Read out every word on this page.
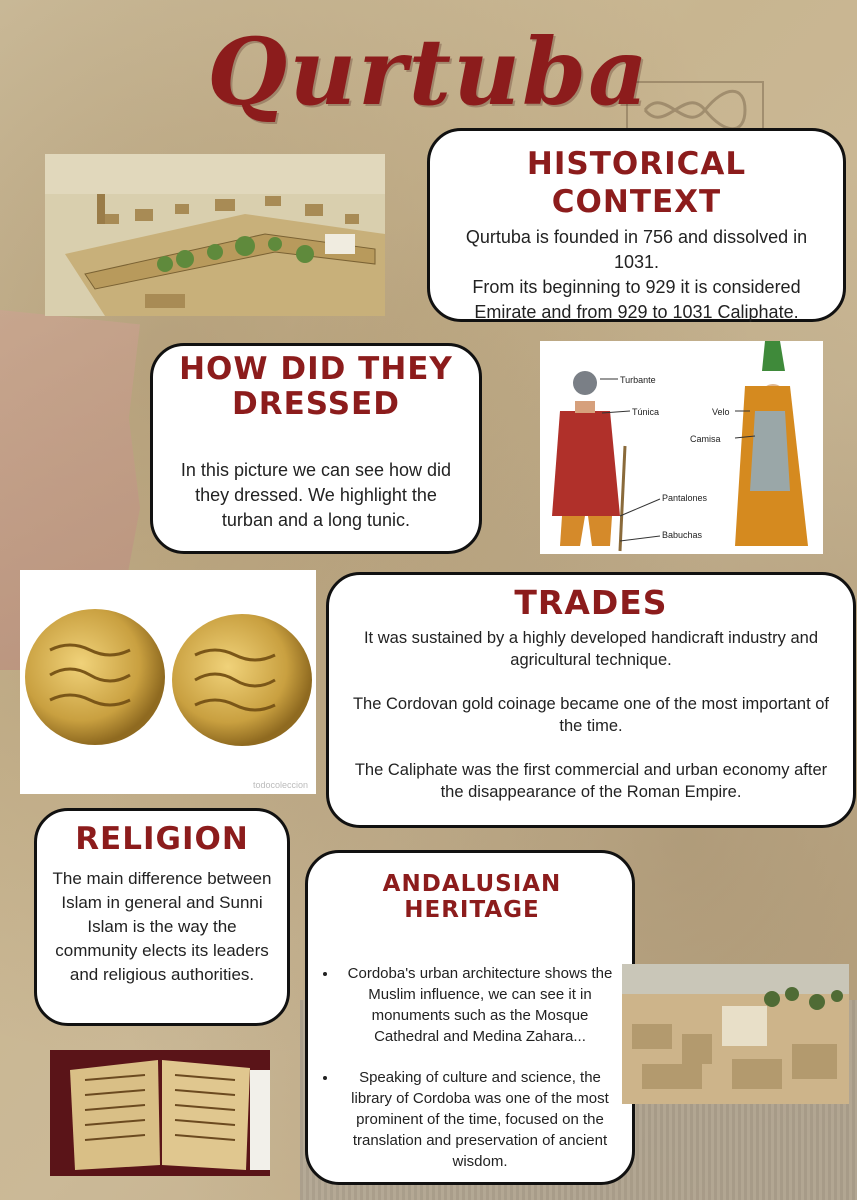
Qurtuba
HISTORICAL CONTEXT

Qurtuba is founded in 756 and dissolved in 1031.

From its beginning to 929 it is considered Emirate and from 929 to 1031 Caliphate.

HOW DID THEY DRESSED

In this picture we can see how did they dressed. We highlight the turban and a long tunic.

Turbante
Túnica	Velo
Camisa
Pantalones
Babuchas
todocoleccion
TRADES

It was sustained by a highly developed handicraft industry and agricultural technique.

The Cordovan gold coinage became one of the most important of the time.

The Caliphate was the first commercial and urban economy after the disappearance of the Roman Empire.

RELIGION

The main difference between Islam in general and Sunni Islam is the way the community elects its leaders and religious authorities.

ANDALUSIAN HERITAGE
• Cordoba's urban architecture shows the Muslim influence, we can see it in monuments such as the Mosque Cathedral and Medina Zahara...
• Speaking of culture and science, the library of Cordoba was one of the most prominent of the time, focused on the translation and preservation of ancient wisdom.
